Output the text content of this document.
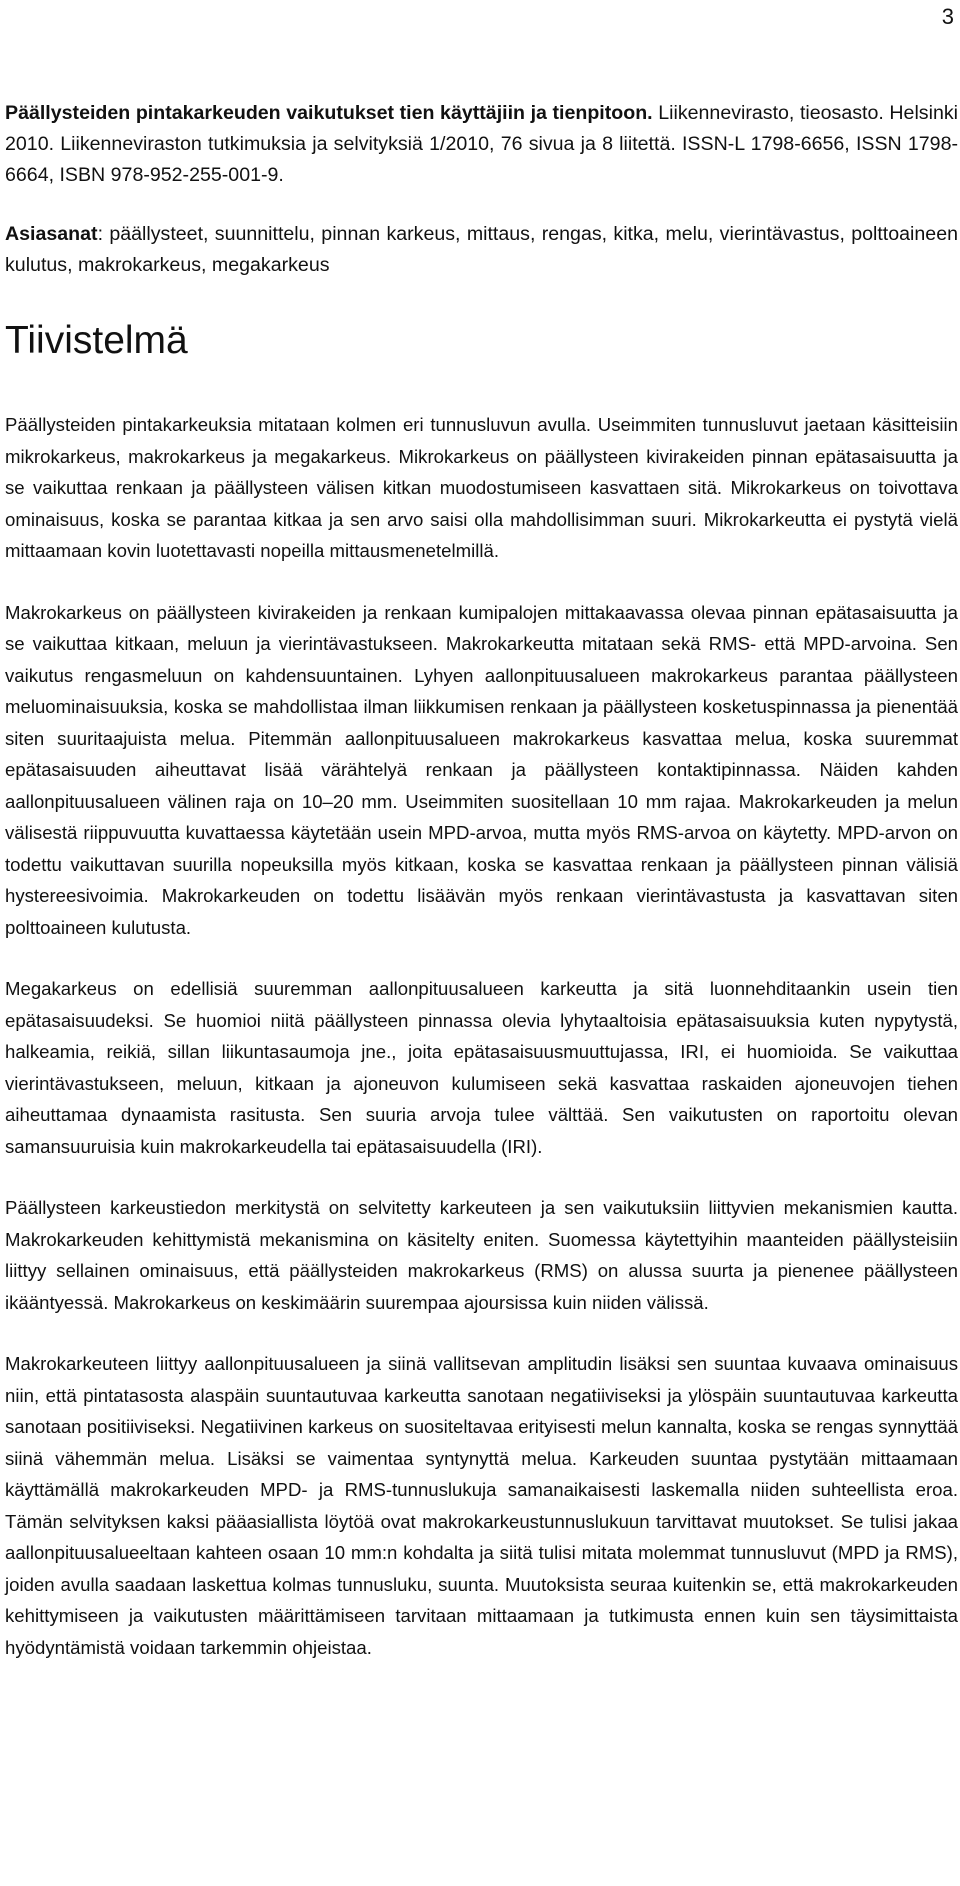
3

Päällysteiden pintakarkeuden vaikutukset tien käyttäjiin ja tienpitoon. Liikennevirasto, tieosasto. Helsinki 2010. Liikenneviraston tutkimuksia ja selvityksiä 1/2010, 76 sivua ja 8 liitettä. ISSN-L 1798-6656, ISSN 1798-6664, ISBN 978-952-255-001-9.

Asiasanat: päällysteet, suunnittelu, pinnan karkeus, mittaus, rengas, kitka, melu, vierintävastus, polttoaineen kulutus, makrokarkeus, megakarkeus

Tiivistelmä

Päällysteiden pintakarkeuksia mitataan kolmen eri tunnusluvun avulla. Useimmiten tunnusluvut jaetaan käsitteisiin mikrokarkeus, makrokarkeus ja megakarkeus. Mikrokarkeus on päällysteen kivirakeiden pinnan epätasaisuutta ja se vaikuttaa renkaan ja päällysteen välisen kitkan muodostumiseen kasvattaen sitä. Mikrokarkeus on toivottava ominaisuus, koska se parantaa kitkaa ja sen arvo saisi olla mahdollisimman suuri. Mikrokarkeutta ei pystytä vielä mittaamaan kovin luotettavasti nopeilla mittausmenetelmillä.

Makrokarkeus on päällysteen kivirakeiden ja renkaan kumipalojen mittakaavassa olevaa pinnan epätasaisuutta ja se vaikuttaa kitkaan, meluun ja vierintävastukseen. Makrokarkeutta mitataan sekä RMS- että MPD-arvoina. Sen vaikutus rengasmeluun on kahdensuuntainen. Lyhyen aallonpituusalueen makrokarkeus parantaa päällysteen meluominaisuuksia, koska se mahdollistaa ilman liikkumisen renkaan ja päällysteen kosketuspinnassa ja pienentää siten suuritaajuista melua. Pitemmän aallonpituusalueen makrokarkeus kasvattaa melua, koska suuremmat epätasaisuuden aiheuttavat lisää värähtelyä renkaan ja päällysteen kontaktipinnassa. Näiden kahden aallonpituusalueen välinen raja on 10–20 mm. Useimmiten suositellaan 10 mm rajaa. Makrokarkeuden ja melun välisestä riippuvuutta kuvattaessa käytetään usein MPD-arvoa, mutta myös RMS-arvoa on käytetty. MPD-arvon on todettu vaikuttavan suurilla nopeuksilla myös kitkaan, koska se kasvattaa renkaan ja päällysteen pinnan välisiä hystereesivoimia. Makrokarkeuden on todettu lisäävän myös renkaan vierintävastusta ja kasvattavan siten polttoaineen kulutusta.

Megakarkeus on edellisiä suuremman aallonpituusalueen karkeutta ja sitä luonnehditaankin usein tien epätasaisuudeksi. Se huomioi niitä päällysteen pinnassa olevia lyhytaaltoisia epätasaisuuksia kuten nypytystä, halkeamia, reikiä, sillan liikuntasaumoja jne., joita epätasaisuusmuuttujassa, IRI, ei huomioida. Se vaikuttaa vierintävastukseen, meluun, kitkaan ja ajoneuvon kulumiseen sekä kasvattaa raskaiden ajoneuvojen tiehen aiheuttamaa dynaamista rasitusta. Sen suuria arvoja tulee välttää. Sen vaikutusten on raportoitu olevan samansuuruisia kuin makrokarkeudella tai epätasaisuudella (IRI).

Päällysteen karkeustiedon merkitystä on selvitetty karkeuteen ja sen vaikutuksiin liittyvien mekanismien kautta. Makrokarkeuden kehittymistä mekanismina on käsitelty eniten. Suomessa käytettyihin maanteiden päällysteisiin liittyy sellainen ominaisuus, että päällysteiden makrokarkeus (RMS) on alussa suurta ja pienenee päällysteen ikääntyessä. Makrokarkeus on keskimäärin suurempaa ajoursissa kuin niiden välissä.

Makrokarkeuteen liittyy aallonpituusalueen ja siinä vallitsevan amplitudin lisäksi sen suuntaa kuvaava ominaisuus niin, että pintatasosta alaspäin suuntautuvaa karkeutta sanotaan negatiiviseksi ja ylöspäin suuntautuvaa karkeutta sanotaan positiiviseksi. Negatiivinen karkeus on suositeltavaa erityisesti melun kannalta, koska se rengas synnyttää siinä vähemmän melua. Lisäksi se vaimentaa syntynyttä melua. Karkeuden suuntaa pystytään mittaamaan käyttämällä makrokarkeuden MPD- ja RMS-tunnuslukuja samanaikaisesti laskemalla niiden suhteellista eroa. Tämän selvityksen kaksi pääasiallista löytöä ovat makrokarkeustunnuslukuun tarvittavat muutokset. Se tulisi jakaa aallonpituusalueeltaan kahteen osaan 10 mm:n kohdalta ja siitä tulisi mitata molemmat tunnusluvut (MPD ja RMS), joiden avulla saadaan laskettua kolmas tunnusluku, suunta. Muutoksista seuraa kuitenkin se, että makrokarkeuden kehittymiseen ja vaikutusten määrittämiseen tarvitaan mittaamaan ja tutkimusta ennen kuin sen täysimittaista hyödyntämistä voidaan tarkemmin ohjeistaa.
